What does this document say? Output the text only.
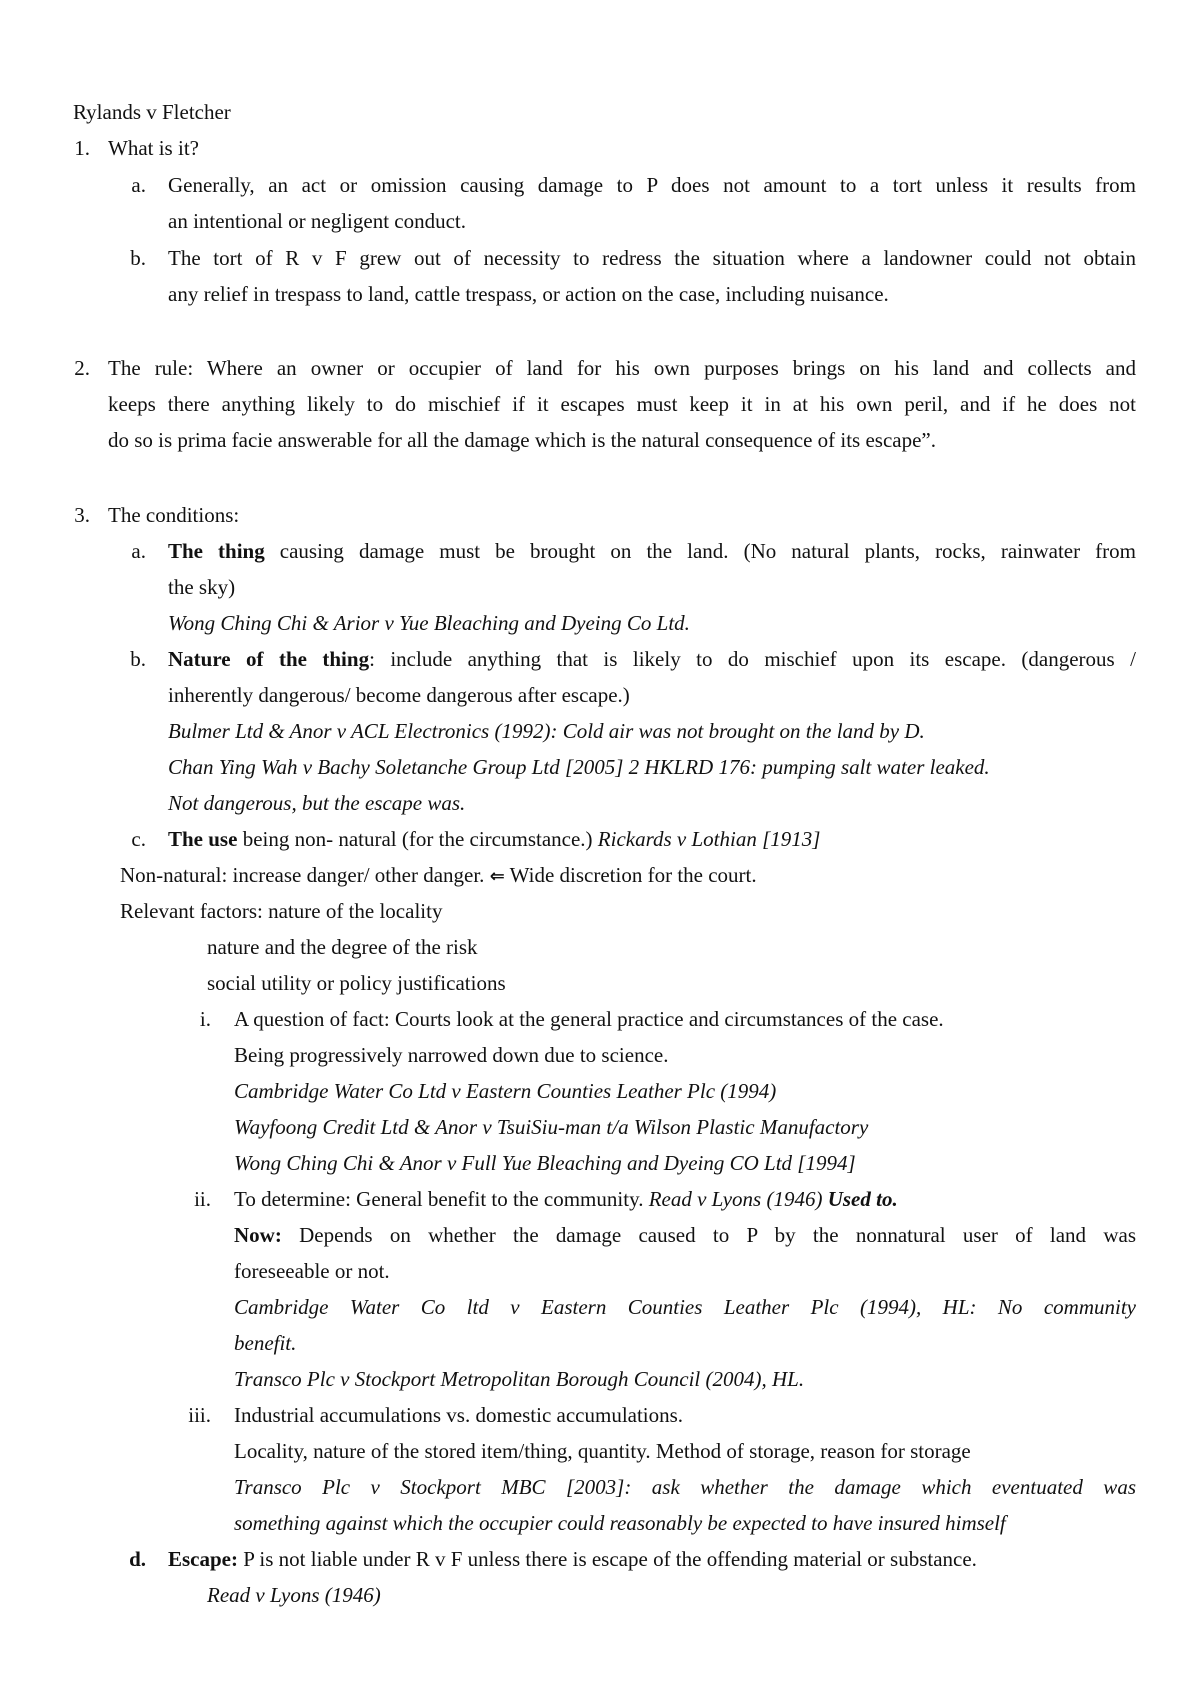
Rylands v Fletcher
1. What is it?
a. Generally, an act or omission causing damage to P does not amount to a tort unless it results from
an intentional or negligent conduct.
b. The tort of R v F grew out of necessity to redress the situation where a landowner could not obtain
any relief in trespass to land, cattle trespass, or action on the case, including nuisance.
2. The rule: Where an owner or occupier of land for his own purposes brings on his land and collects and
keeps there anything likely to do mischief if it escapes must keep it in at his own peril, and if he does not
do so is prima facie answerable for all the damage which is the natural consequence of its escape”.
3. The conditions:
a. The thing causing damage must be brought on the land. (No natural plants, rocks, rainwater from
the sky)
Wong Ching Chi & Arior v Yue Bleaching and Dyeing Co Ltd.
b. Nature of the thing: include anything that is likely to do mischief upon its escape. (dangerous /
inherently dangerous/ become dangerous after escape.)
Bulmer Ltd & Anor v ACL Electronics (1992): Cold air was not brought on the land by D.
Chan Ying Wah v Bachy Soletanche Group Ltd [2005] 2 HKLRD 176: pumping salt water leaked.
Not dangerous, but the escape was.
c. The use being non- natural (for the circumstance.) Rickards v Lothian [1913]
Non-natural: increase danger/ other danger. ⇐ Wide discretion for the court.
Relevant factors: nature of the locality
nature and the degree of the risk
social utility or policy justifications
i. A question of fact: Courts look at the general practice and circumstances of the case.
Being progressively narrowed down due to science.
Cambridge Water Co Ltd v Eastern Counties Leather Plc (1994)
Wayfoong Credit Ltd & Anor v TsuiSiu-man t/a Wilson Plastic Manufactory
Wong Ching Chi & Anor v Full Yue Bleaching and Dyeing CO Ltd [1994]
ii. To determine: General benefit to the community. Read v Lyons (1946) Used to.
Now: Depends on whether the damage caused to P by the nonnatural user of land was
foreseeable or not.
Cambridge Water Co ltd v Eastern Counties Leather Plc (1994), HL: No community
benefit.
Transco Plc v Stockport Metropolitan Borough Council (2004), HL.
iii. Industrial accumulations vs. domestic accumulations.
Locality, nature of the stored item/thing, quantity. Method of storage, reason for storage
Transco Plc v Stockport MBC [2003]: ask whether the damage which eventuated was
something against which the occupier could reasonably be expected to have insured himself
d. Escape: P is not liable under R v F unless there is escape of the offending material or substance.
Read v Lyons (1946)
